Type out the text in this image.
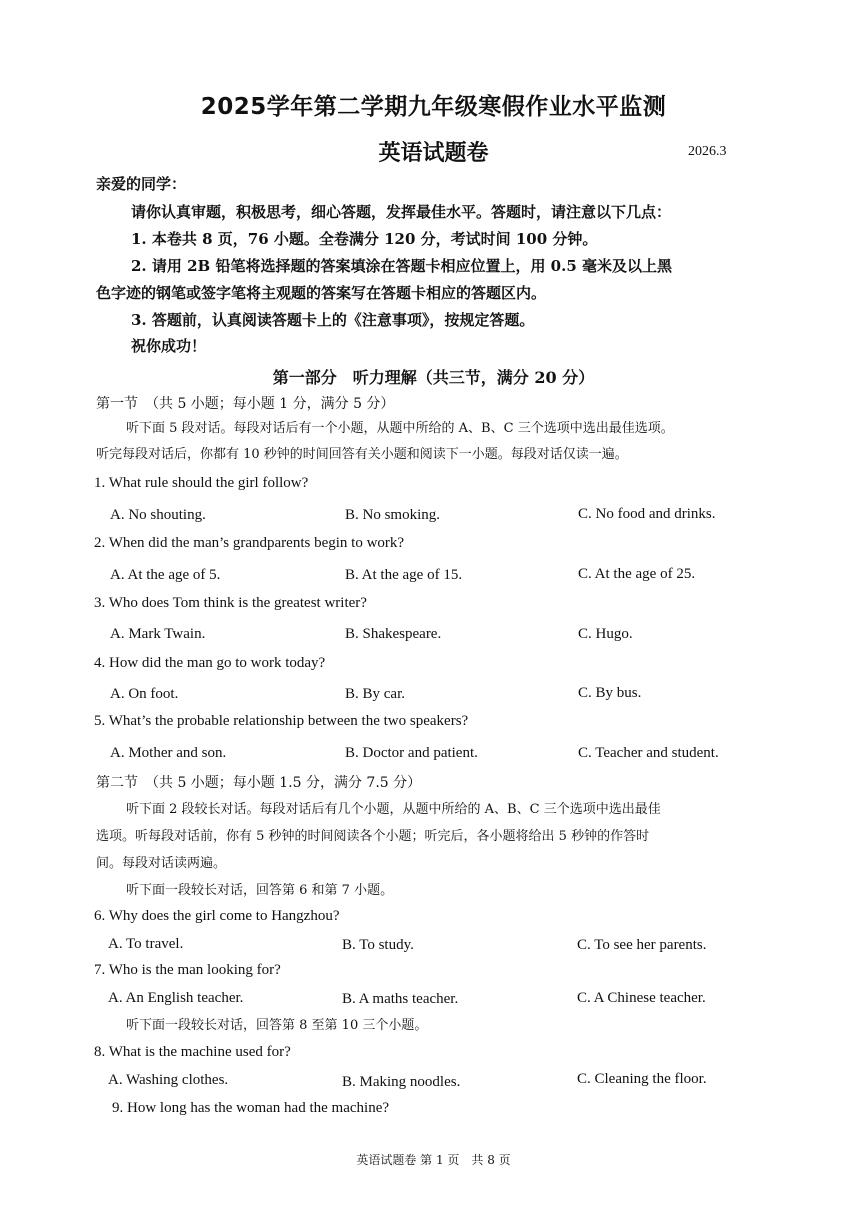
2025学年第二学期九年级寒假作业水平监测
英语试题卷	2026.3
亲爱的同学：
请你认真审题，积极思考，细心答题，发挥最佳水平。答题时，请注意以下几点：
1. 本卷共 8 页，76 小题。全卷满分 120 分，考试时间 100 分钟。
2. 请用 2B 铅笔将选择题的答案填涂在答题卡相应位置上，用 0.5 毫米及以上黑
色字迹的钢笔或签字笔将主观题的答案写在答题卡相应的答题区内。
3. 答题前，认真阅读答题卡上的《注意事项》，按规定答题。
祝你成功！
第一部分　听力理解（共三节，满分 20 分）
第一节　（共 5 小题；每小题 1 分，满分 5 分）
听下面 5 段对话。每段对话后有一个小题，从题中所给的 A、B、C 三个选项中选出最佳选项。
听完每段对话后，你都有 10 秒钟的时间回答有关小题和阅读下一小题。每段对话仅读一遍。
1. What rule should the girl follow?
A. No shouting.	B. No smoking.	C. No food and drinks.
2. When did the man’s grandparents begin to work?
A. At the age of 5.	B. At the age of 15.	C. At the age of 25.
3. Who does Tom think is the greatest writer?
A. Mark Twain.	B. Shakespeare.	C. Hugo.
4. How did the man go to work today?
A. On foot.	B. By car.	C. By bus.
5. What’s the probable relationship between the two speakers?
A. Mother and son.	B. Doctor and patient.	C. Teacher and student.
第二节　（共 5 小题；每小题 1.5 分，满分 7.5 分）
听下面 2 段较长对话。每段对话后有几个小题，从题中所给的 A、B、C 三个选项中选出最佳
选项。听每段对话前，你有 5 秒钟的时间阅读各个小题；听完后，各小题将给出 5 秒钟的作答时
间。每段对话读两遍。
听下面一段较长对话，回答第 6 和第 7 小题。
6. Why does the girl come to Hangzhou?
A. To travel.	B. To study.	C. To see her parents.
7. Who is the man looking for?
A. An English teacher.	B. A maths teacher.	C. A Chinese teacher.
听下面一段较长对话，回答第 8 至第 10 三个小题。
8. What is the machine used for?
A. Washing clothes.	B. Making noodles.	C. Cleaning the floor.
9. How long has the woman had the machine?
英语试题卷 第 1 页　共 8 页
